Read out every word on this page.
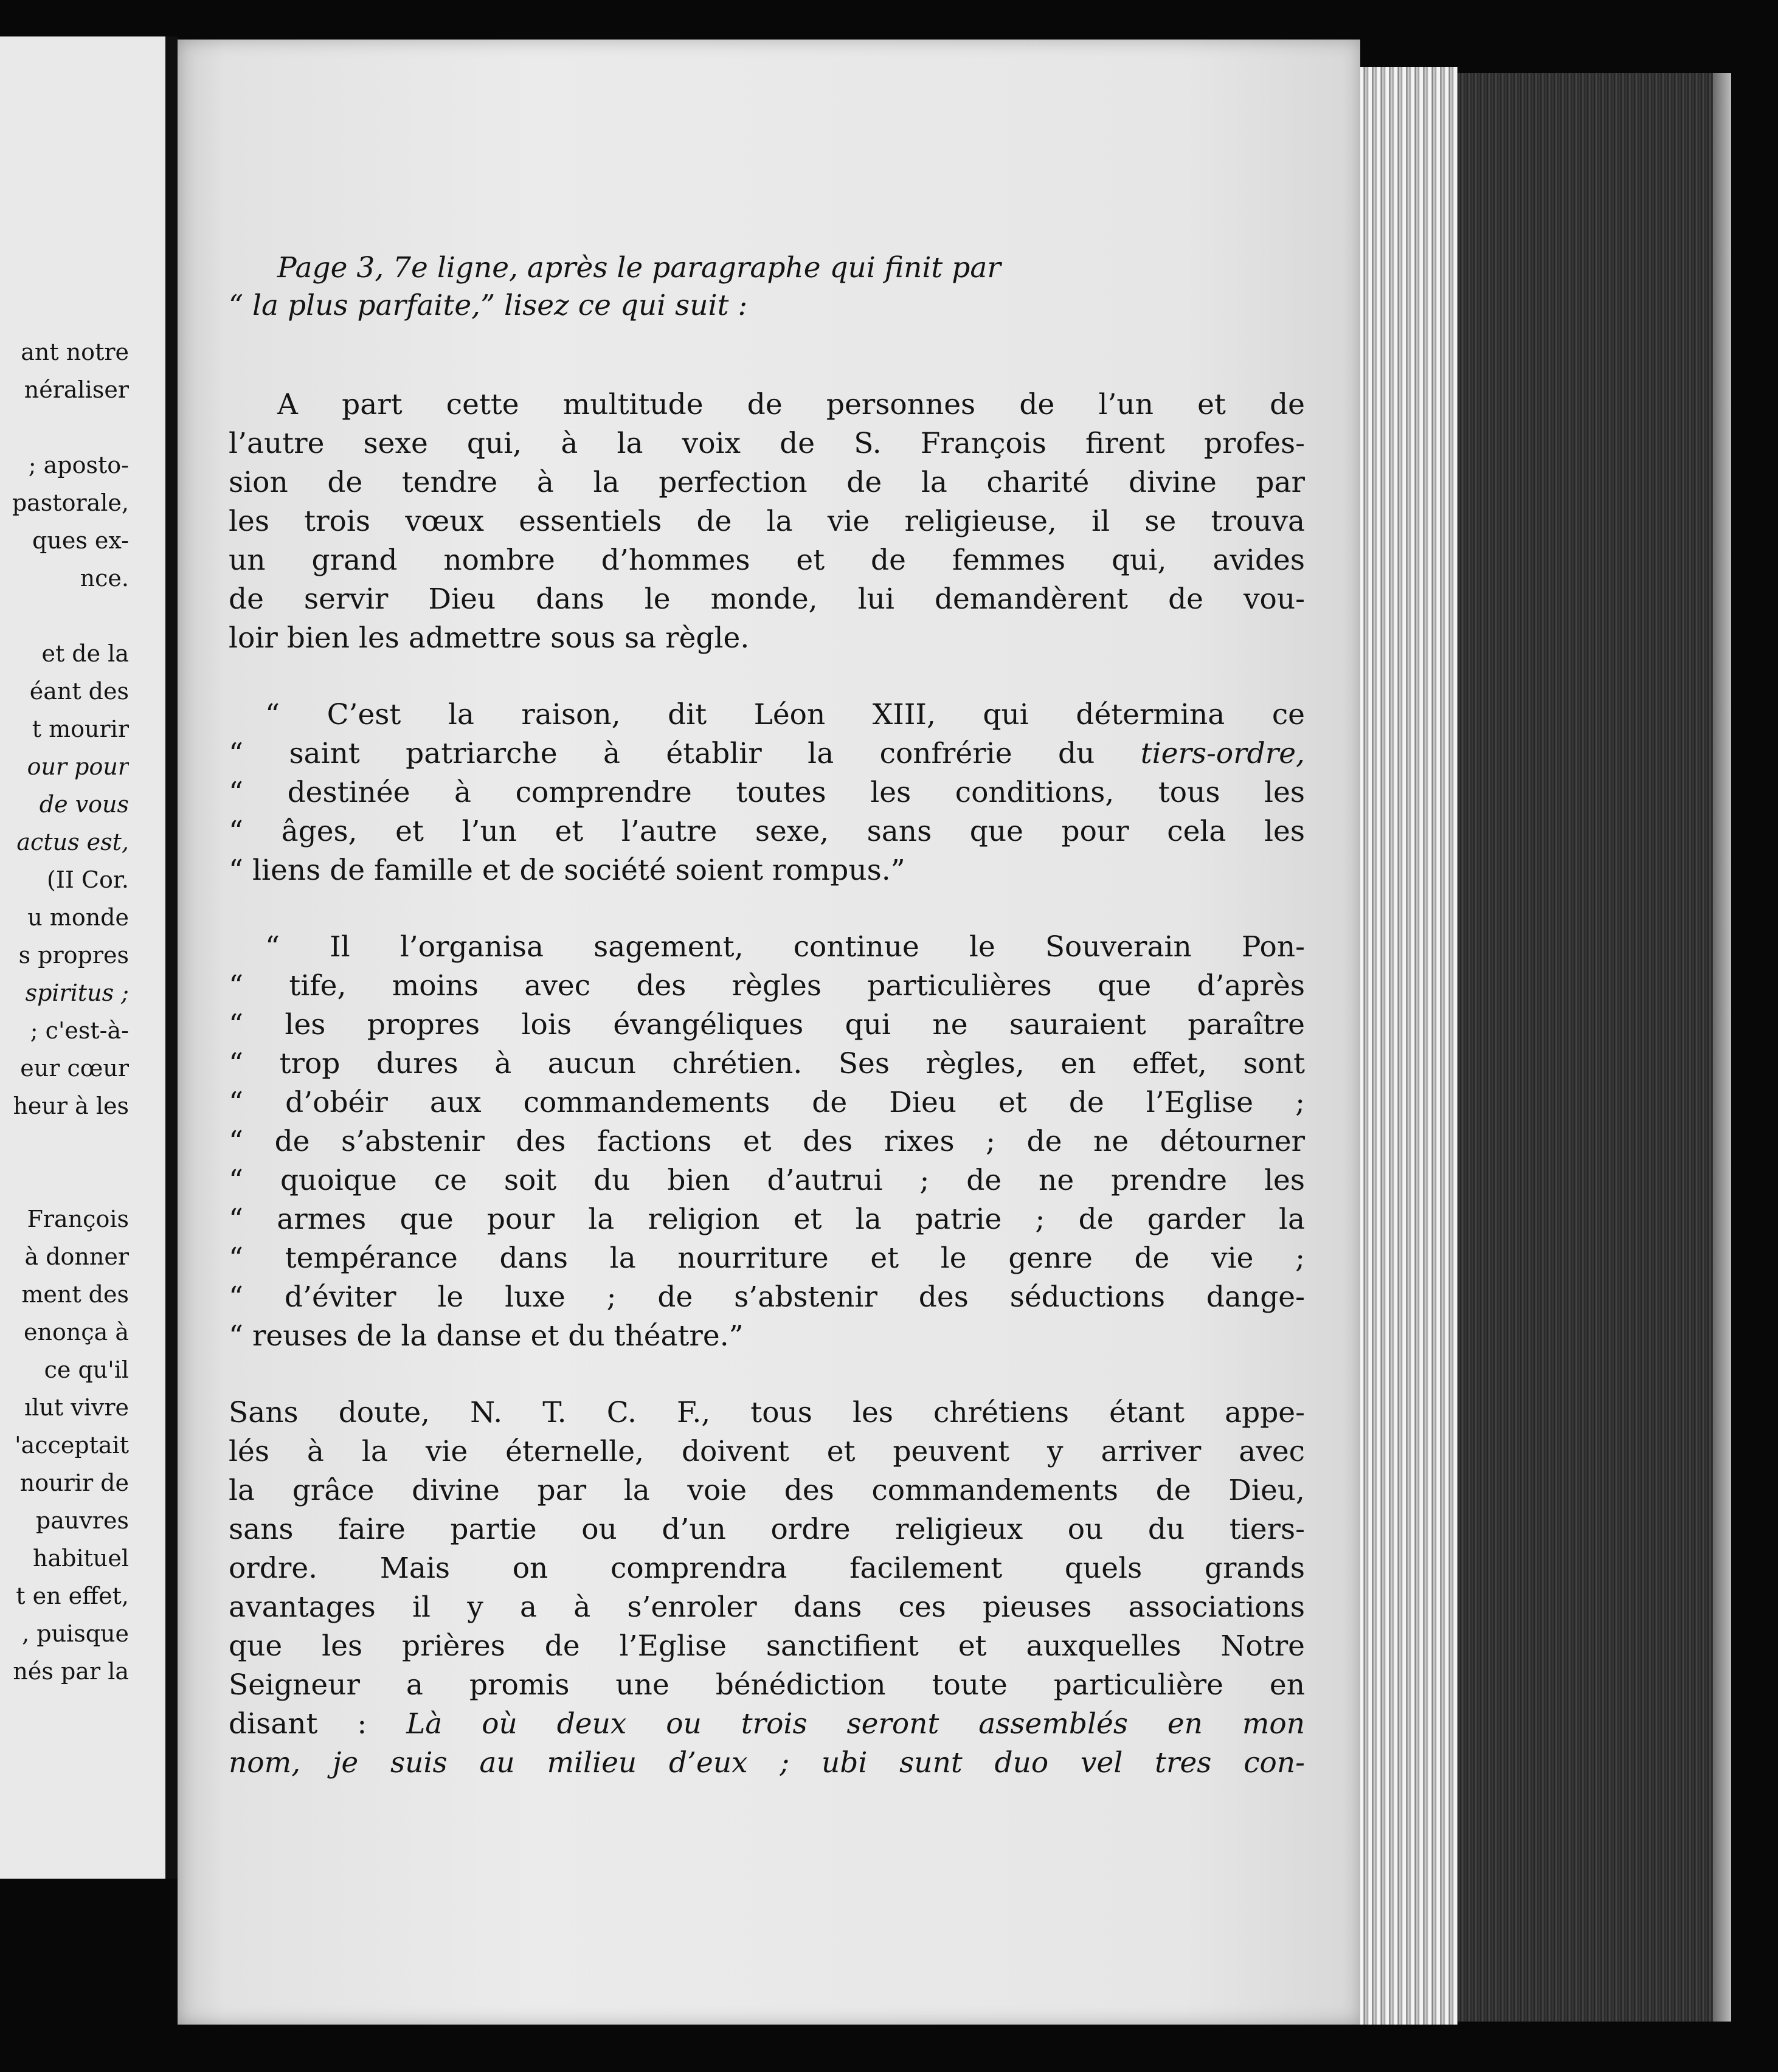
ant notre
néraliser
; aposto-
pastorale,
ques ex-
nce.
et de la
éant des
t mourir
our pour
de vous
actus est,
(II Cor.
u monde
s propres
spiritus ;
; c'est-à-
eur cœur
heur à les
François
à donner
ment des
enonça à
ce qu'il
ılut vivre
'acceptait
nourir de
pauvres
habituel
t en effet,
, puisque
nés par la
Page 3, 7e ligne, après le paragraphe qui finit par
“ la plus parfaite,” lisez ce qui suit :
A part cette multitude de personnes de l’un et de
l’autre sexe qui, à la voix de S. François firent profes-
sion de tendre à la perfection de la charité divine par
les trois vœux essentiels de la vie religieuse, il se trouva
un grand nombre d’hommes et de femmes qui, avides
de servir Dieu dans le monde, lui demandèrent de vou-
loir bien les admettre sous sa règle.
“ C’est la raison, dit Léon XIII, qui détermina ce
“ saint patriarche à établir la confrérie du tiers-ordre,
“ destinée à comprendre toutes les conditions, tous les
“ âges, et l’un et l’autre sexe, sans que pour cela les
“ liens de famille et de société soient rompus.”
“ Il l’organisa sagement, continue le Souverain Pon-
“ tife, moins avec des règles particulières que d’après
“ les propres lois évangéliques qui ne sauraient paraître
“ trop dures à aucun chrétien. Ses règles, en effet, sont
“ d’obéir aux commandements de Dieu et de l’Eglise ;
“ de s’abstenir des factions et des rixes ; de ne détourner
“ quoique ce soit du bien d’autrui ; de ne prendre les
“ armes que pour la religion et la patrie ; de garder la
“ tempérance dans la nourriture et le genre de vie ;
“ d’éviter le luxe ; de s’abstenir des séductions dange-
“ reuses de la danse et du théatre.”
Sans doute, N. T. C. F., tous les chrétiens étant appe-
lés à la vie éternelle, doivent et peuvent y arriver avec
la grâce divine par la voie des commandements de Dieu,
sans faire partie ou d’un ordre religieux ou du tiers-
ordre. Mais on comprendra facilement quels grands
avantages il y a à s’enroler dans ces pieuses associations
que les prières de l’Eglise sanctifient et auxquelles Notre
Seigneur a promis une bénédiction toute particulière en
disant : Là où deux ou trois seront assemblés en mon
nom, je suis au milieu d’eux ; ubi sunt duo vel tres con-
